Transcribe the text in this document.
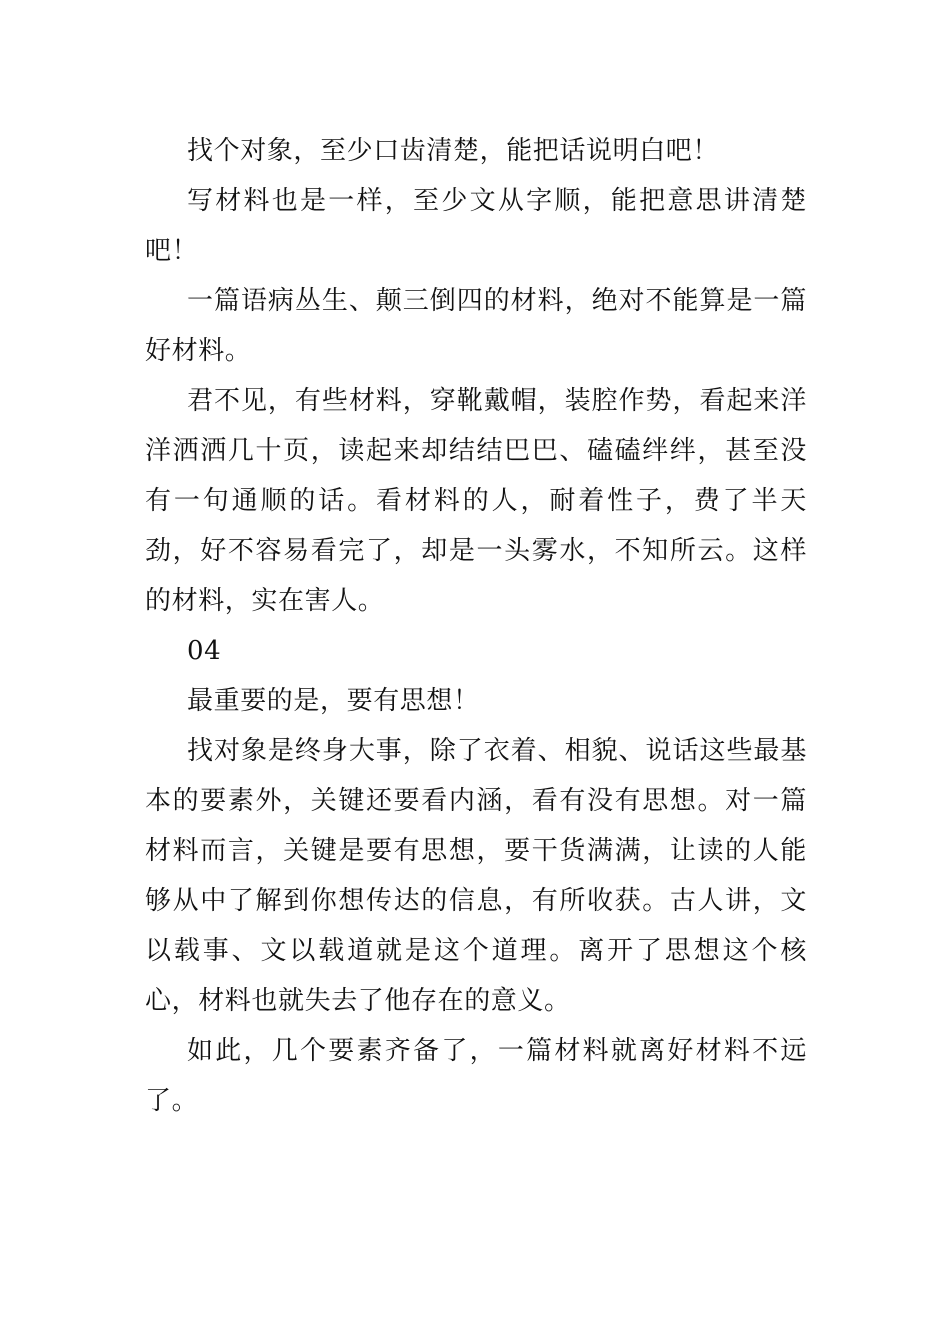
找个对象，至少口齿清楚，能把话说明白吧！

写材料也是一样，至少文从字顺，能把意思讲清楚吧！

一篇语病丛生、颠三倒四的材料，绝对不能算是一篇好材料。

君不见，有些材料，穿靴戴帽，装腔作势，看起来洋洋洒洒几十页，读起来却结结巴巴、磕磕绊绊，甚至没有一句通顺的话。看材料的人，耐着性子，费了半天劲，好不容易看完了，却是一头雾水，不知所云。这样的材料，实在害人。

04

最重要的是，要有思想！

找对象是终身大事，除了衣着、相貌、说话这些最基本的要素外，关键还要看内涵，看有没有思想。对一篇材料而言，关键是要有思想，要干货满满，让读的人能够从中了解到你想传达的信息，有所收获。古人讲，文以载事、文以载道就是这个道理。离开了思想这个核心，材料也就失去了他存在的意义。

如此，几个要素齐备了，一篇材料就离好材料不远了。
